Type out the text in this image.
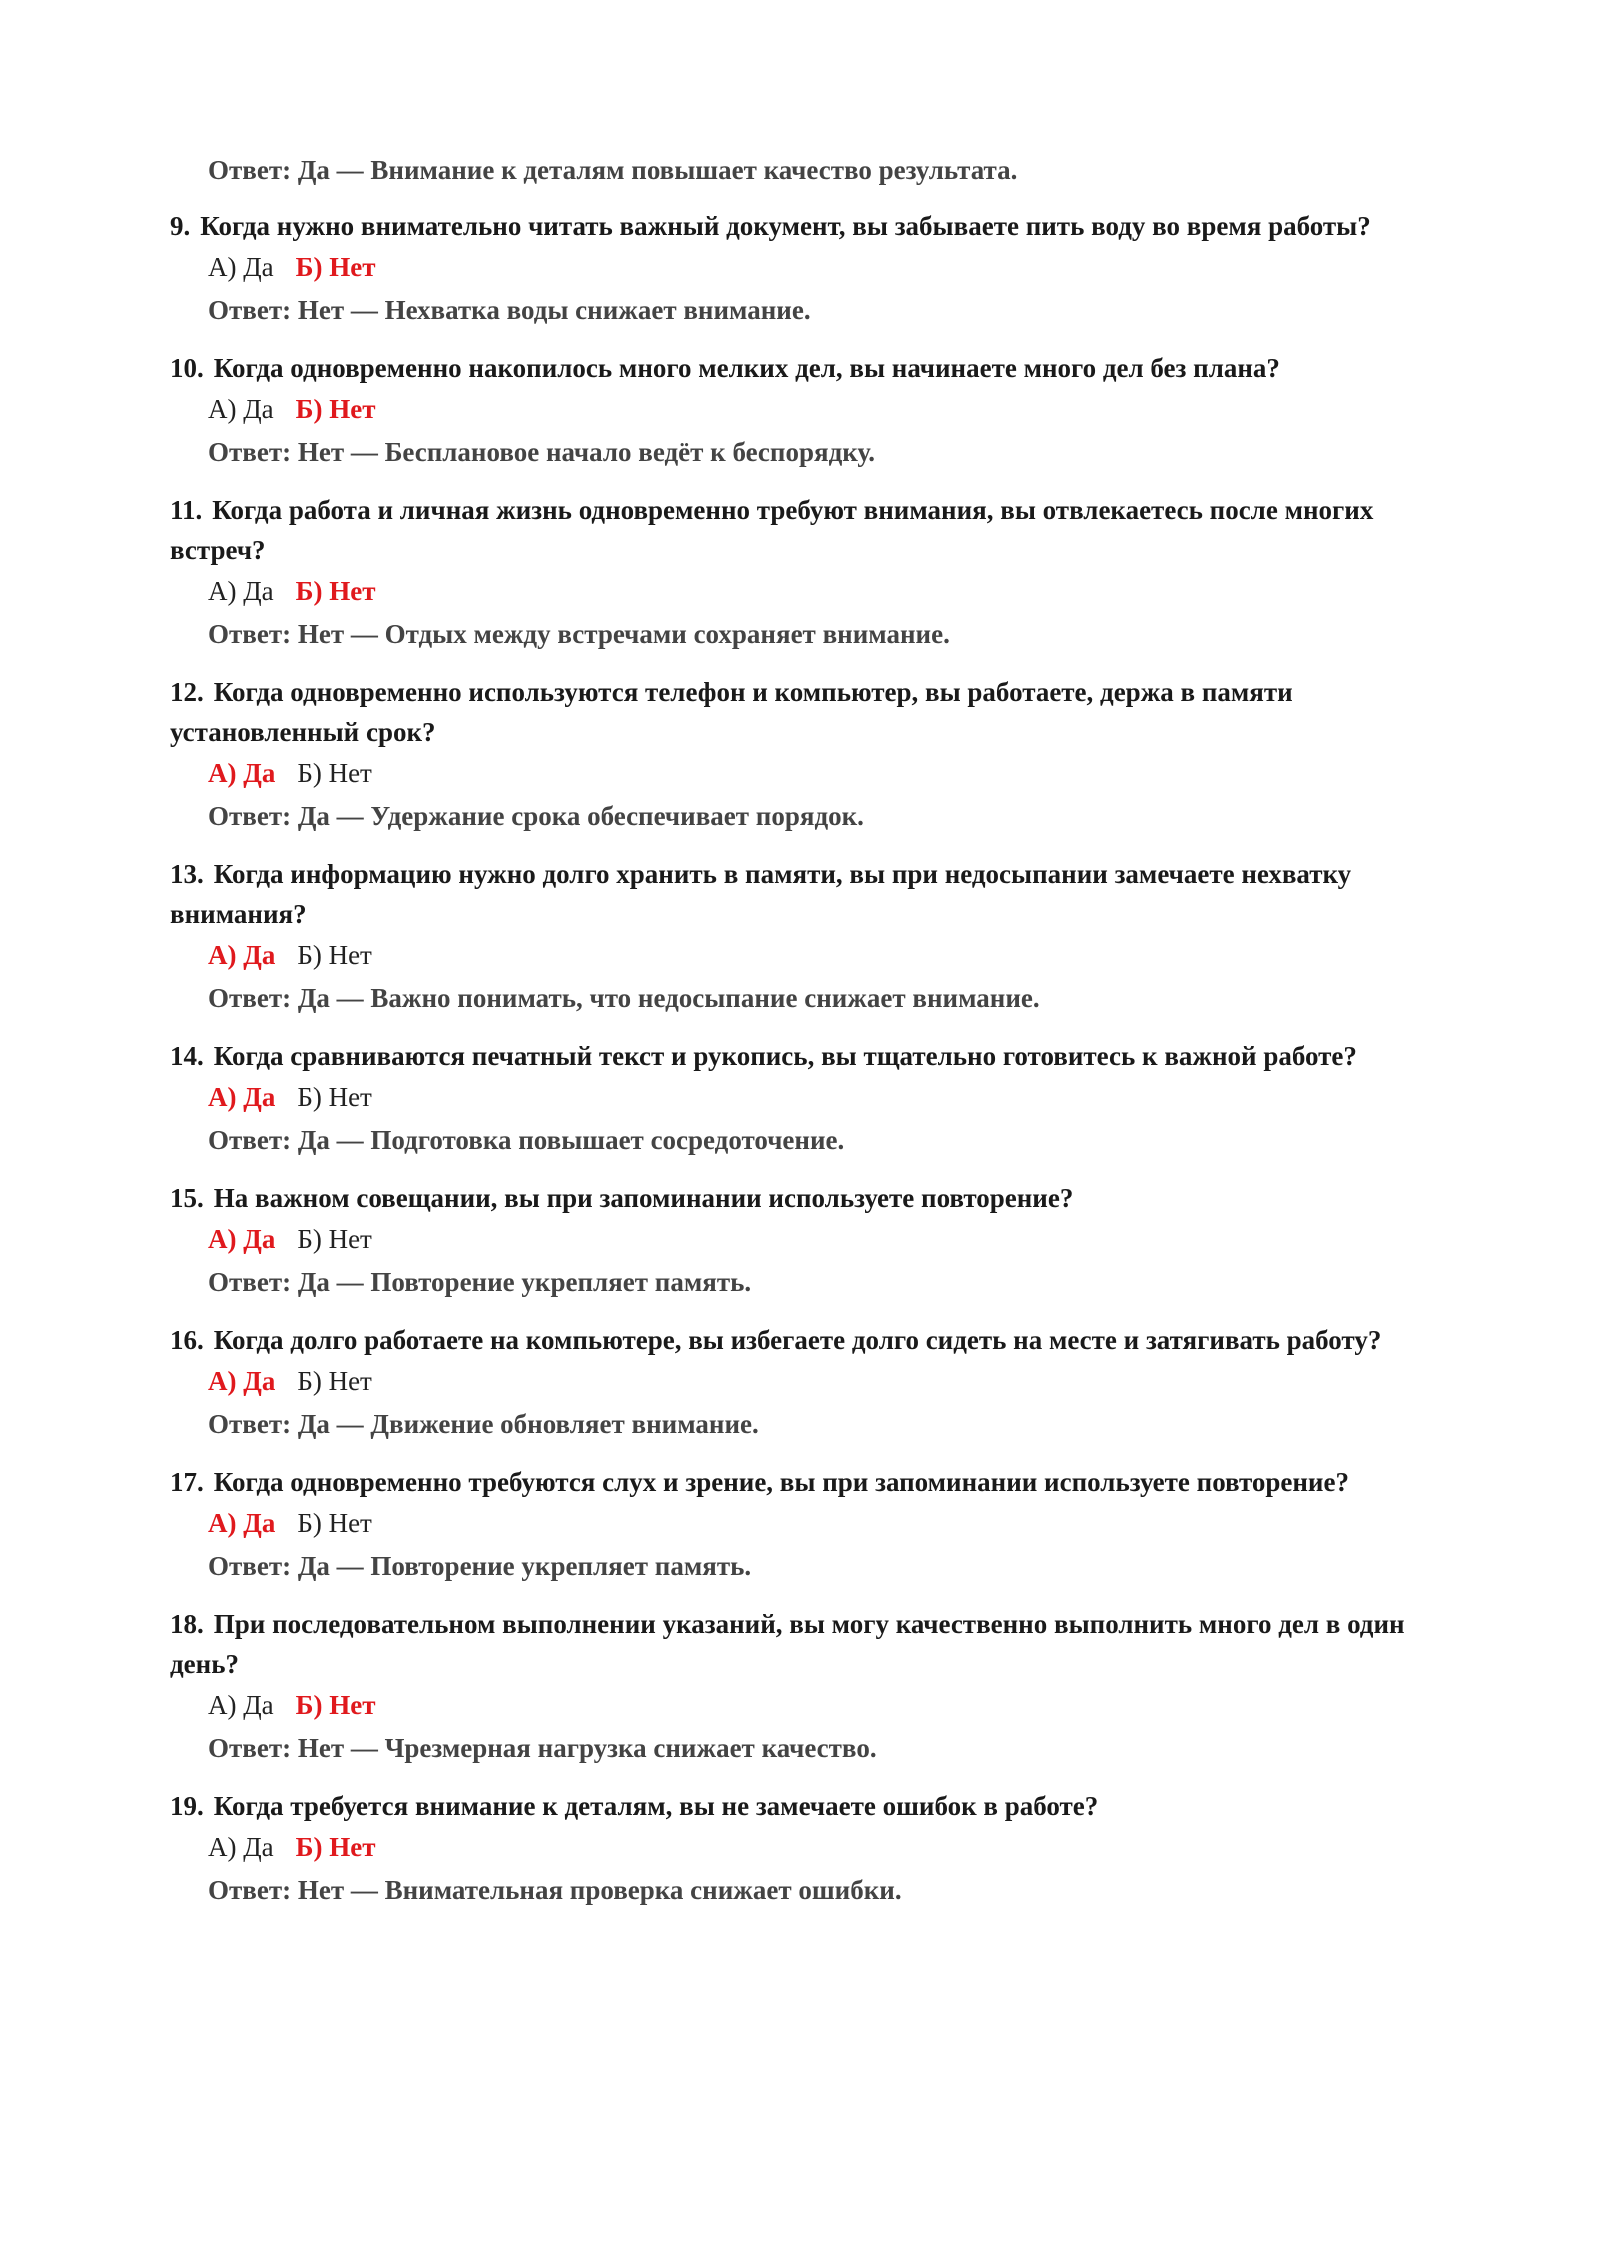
Ответ: Да — Внимание к деталям повышает качество результата.
9. Когда нужно внимательно читать важный документ, вы забываете пить воду во время работы?
А) Да Б) Нет
Ответ: Нет — Нехватка воды снижает внимание.
10. Когда одновременно накопилось много мелких дел, вы начинаете много дел без плана?
А) Да Б) Нет
Ответ: Нет — Бесплановое начало ведёт к беспорядку.
11. Когда работа и личная жизнь одновременно требуют внимания, вы отвлекаетесь после многих встреч?
А) Да Б) Нет
Ответ: Нет — Отдых между встречами сохраняет внимание.
12. Когда одновременно используются телефон и компьютер, вы работаете, держа в памяти установленный срок?
А) Да Б) Нет
Ответ: Да — Удержание срока обеспечивает порядок.
13. Когда информацию нужно долго хранить в памяти, вы при недосыпании замечаете нехватку внимания?
А) Да Б) Нет
Ответ: Да — Важно понимать, что недосыпание снижает внимание.
14. Когда сравниваются печатный текст и рукопись, вы тщательно готовитесь к важной работе?
А) Да Б) Нет
Ответ: Да — Подготовка повышает сосредоточение.
15. На важном совещании, вы при запоминании используете повторение?
А) Да Б) Нет
Ответ: Да — Повторение укрепляет память.
16. Когда долго работаете на компьютере, вы избегаете долго сидеть на месте и затягивать работу?
А) Да Б) Нет
Ответ: Да — Движение обновляет внимание.
17. Когда одновременно требуются слух и зрение, вы при запоминании используете повторение?
А) Да Б) Нет
Ответ: Да — Повторение укрепляет память.
18. При последовательном выполнении указаний, вы могу качественно выполнить много дел в один день?
А) Да Б) Нет
Ответ: Нет — Чрезмерная нагрузка снижает качество.
19. Когда требуется внимание к деталям, вы не замечаете ошибок в работе?
А) Да Б) Нет
Ответ: Нет — Внимательная проверка снижает ошибки.
